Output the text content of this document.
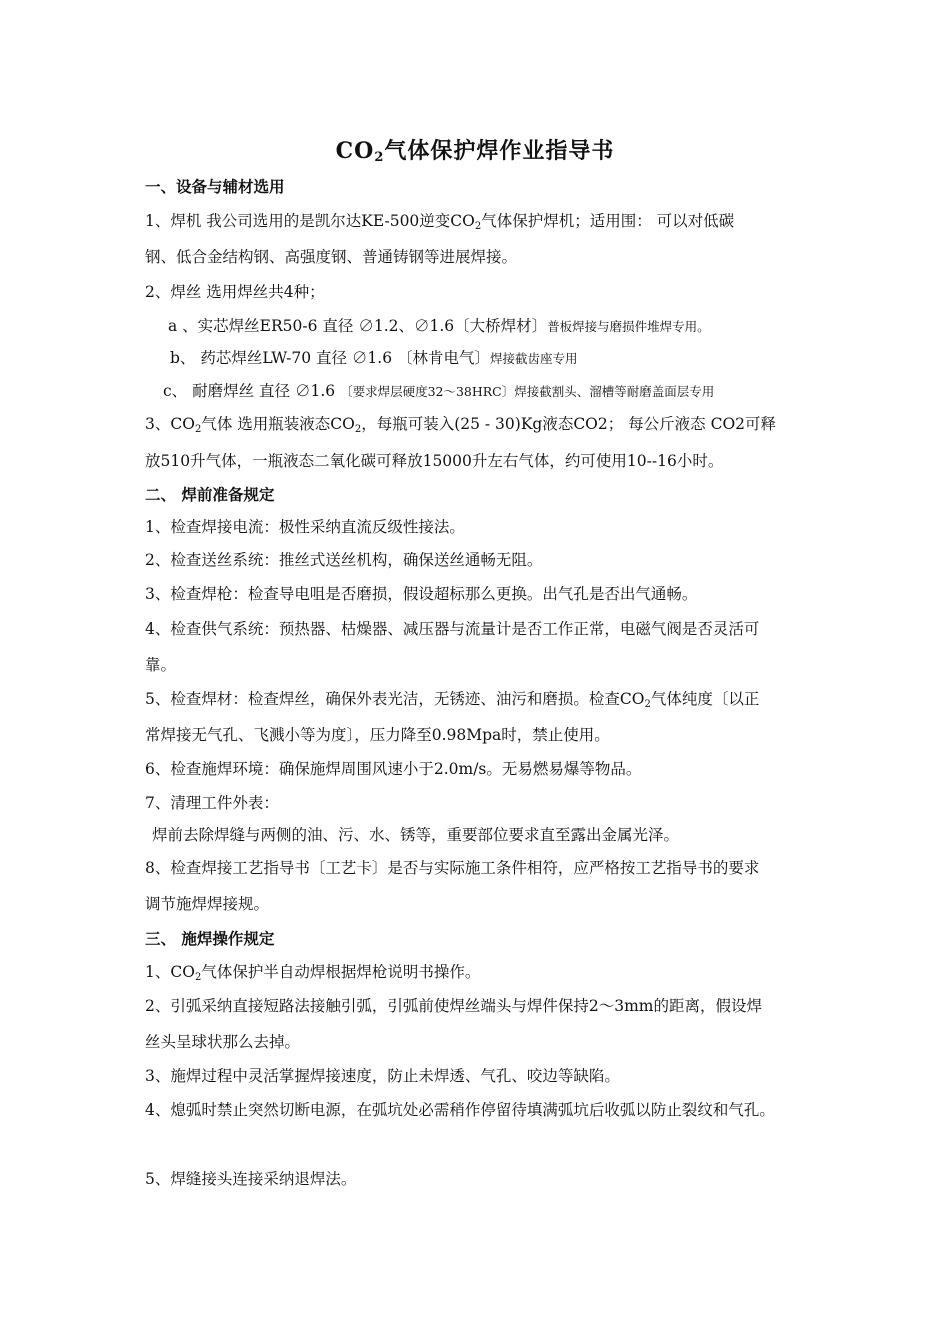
$CO_2$气体保护焊作业指导书
一、设备与辅材选用
1、焊机 我公司选用的是凯尔达KE-500逆变$CO_2$气体保护焊机；适用围： 可以对低碳
钢、低合金结构钢、高强度钢、普通铸钢等进展焊接。
2、焊丝 选用焊丝共4种；
a 、实芯焊丝ER50-6 直径 ∅1.2、∅1.6〔大桥焊材〕普板焊接与磨损件堆焊专用。
b、 药芯焊丝LW-70 直径 ∅1.6 〔林肯电气〕焊接截齿座专用
c、 耐磨焊丝 直径 ∅1.6 〔要求焊层硬度32～38HRC〕焊接截割头、溜槽等耐磨盖面层专用
3、$CO_2$气体 选用瓶装液态$CO_2$，每瓶可装入(25 - 30)Kg液态CO2； 每公斤液态 CO2可释
放510升气体，一瓶液态二氧化碳可释放15000升左右气体，约可使用10--16小时。
二、 焊前准备规定
1、检查焊接电流：极性采纳直流反级性接法。
2、检查送丝系统：推丝式送丝机构，确保送丝通畅无阻。
3、检查焊枪：检查导电咀是否磨损，假设超标那么更换。出气孔是否出气通畅。
4、检查供气系统：预热器、枯燥器、减压器与流量计是否工作正常，电磁气阀是否灵活可
靠。
5、检查焊材：检查焊丝，确保外表光洁，无锈迹、油污和磨损。检查$CO_2$气体纯度〔以正
常焊接无气孔、飞溅小等为度〕，压力降至0.98Mpa时，禁止使用。
6、检查施焊环境：确保施焊周围风速小于2.0m/s。无易燃易爆等物品。
7、清理工件外表：
焊前去除焊缝与两侧的油、污、水、锈等，重要部位要求直至露出金属光泽。
8、检查焊接工艺指导书〔工艺卡〕是否与实际施工条件相符，应严格按工艺指导书的要求
调节施焊焊接规。
三、 施焊操作规定
1、$CO_2$气体保护半自动焊根据焊枪说明书操作。
2、引弧采纳直接短路法接触引弧，引弧前使焊丝端头与焊件保持2～3mm的距离，假设焊
丝头呈球状那么去掉。
3、施焊过程中灵活掌握焊接速度，防止未焊透、气孔、咬边等缺陷。
4、熄弧时禁止突然切断电源，在弧坑处必需稍作停留待填满弧坑后收弧以防止裂纹和气孔。
5、焊缝接头连接采纳退焊法。
